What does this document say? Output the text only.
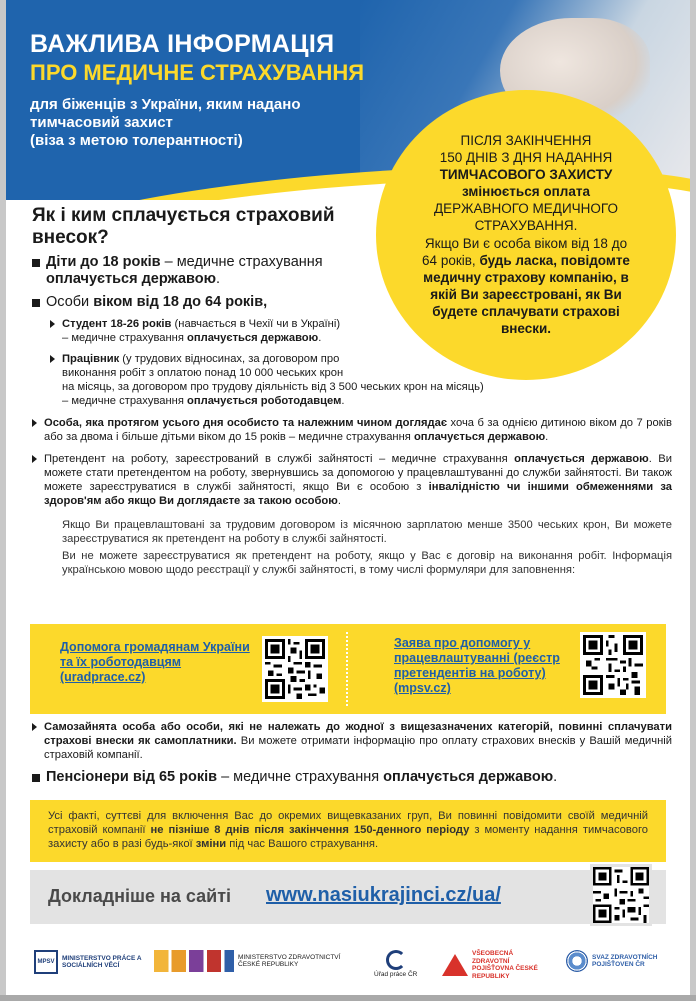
ВАЖЛИВА ІНФОРМАЦІЯ
ПРО МЕДИЧНЕ СТРАХУВАННЯ
для біженців з України, яким надано
тимчасовий захист
(віза з метою толерантності)	ПІСЛЯ ЗАКІНЧЕННЯ
150 ДНІВ З ДНЯ НАДАННЯ
ТИМЧАСОВОГО ЗАХИСТУ
змінюється оплата
ДЕРЖАВНОГО МЕДИЧНОГО
СТРАХУВАННЯ.
Якщо Ви є особа віком від 18 до 64 років, будь ласка, повідомте медичну страхову компанію, в якій Ви зареєстровані, як Ви будете сплачувати страхові внески.
Як і ким сплачується страховий внесок?
Діти до 18 років – медичне страхування оплачується державою.
Особи віком від 18 до 64 років,
Студент 18-26 років (навчається в Чехії чи в Україні)
– медичне страхування оплачується державою.
Працівник (у трудових відносинах, за договором про
виконання робіт з оплатою понад 10 000 чеських крон
на місяць, за договором про трудову діяльність від 3 500 чеських крон на місяць)
– медичне страхування оплачується роботодавцем.
Особа, яка протягом усього дня особисто та належним чином доглядає хоча б за однією дитиною віком до 7 років або за двома і більше дітьми віком до 15 років – медичне страхування оплачується державою.
Претендент на роботу, зареєстрований в службі зайнятості – медичне страхування оплачується державою. Ви можете стати претендентом на роботу, звернувшись за допомогою у працевлаштуванні до служби зайнятості. Ви також можете зареєструватися в службі зайнятості, якщо Ви є особою з інвалідністю чи іншими обмеженнями за здоров'ям або якщо Ви доглядаєте за такою особою.
Якщо Ви працевлаштовані за трудовим договором із місячною зарплатою менше 3500 чеських крон, Ви можете зареєструватися як претендент на роботу в службі зайнятості.
Ви не можете зареєструватися як претендент на роботу, якщо у Вас є договір на виконання робіт. Інформація українською мовою щодо реєстрації у службі зайнятості, в тому числі формуляри для заповнення:
Допомога громадянам України та їх роботодавцям (uradprace.cz)
Заява про допомогу у працевлаштуванні (реєстр претендентів на роботу) (mpsv.cz)
Самозайнята особа або особи, які не належать до жодної з вищезазначених категорій, повинні сплачувати страхові внески як самоплатники. Ви можете отримати інформацію про оплату страхових внесків у Вашій медичній страховій компанії.
Пенсіонери від 65 років – медичне страхування оплачується державою.
Усі факті, суттєві для включення Вас до окремих вищевказаних груп, Ви повинні повідомити своїй медичній страховій компанії не пізніше 8 днів після закінчення 150-денного періоду з моменту надання тимчасового захисту або в разі будь-якої зміни під час Вашого страхування.
Докладніше на сайті www.nasiukrajinci.cz/ua/
MPSV
MINISTERSTVO PRÁCE A SOCIÁLNÍCH VĚCÍ
MINISTERSTVO ZDRAVOTNICTVÍ ČESKÉ REPUBLIKY
Úřad práce ČR
VŠEOBECNÁ ZDRAVOTNÍ POJIŠŤOVNA ČESKÉ REPUBLIKY
SVAZ ZDRAVOTNÍCH POJIŠŤOVEN ČR
